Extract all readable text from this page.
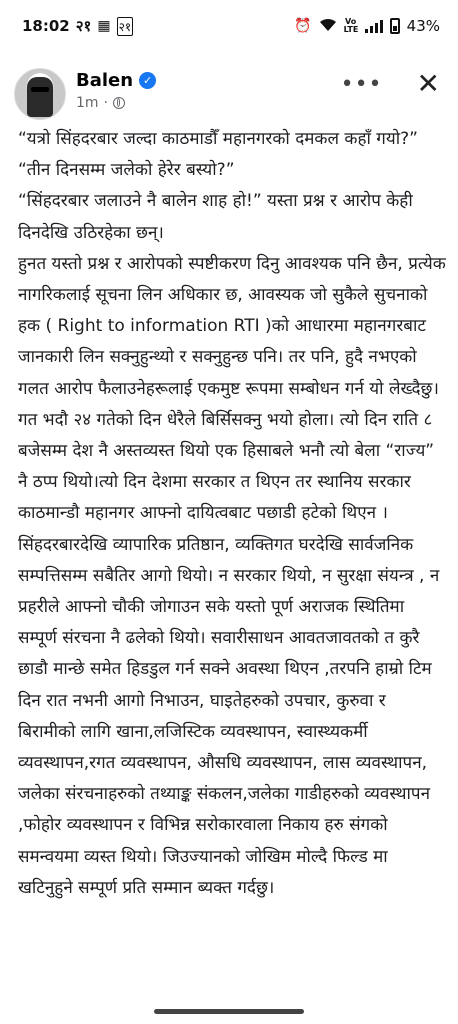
18:02 २१ ▦ २१	⏰	Vo LTE	43%
Balen ✓
1m ·
••• ✕

“यत्रो सिंहदरबार जल्दा काठमाडौँ महानगरको दमकल कहाँ गयो?” “तीन दिनसम्म जलेको हेरेर बस्यो?”

“सिंहदरबार जलाउने नै बालेन शाह हो!” यस्ता प्रश्न र आरोप केही दिनदेखि उठिरहेका छन्।

हुनत यस्तो प्रश्न र आरोपको स्पष्टीकरण दिनु आवश्यक पनि छैन, प्रत्येक नागरिकलाई सूचना लिन अधिकार छ, आवस्यक जो सुकैले सुचनाको हक ( Right to information RTI )को आधारमा महानगरबाट जानकारी लिन सक्नुहुन्थ्यो र सक्नुहुन्छ पनि। तर पनि, हुदै नभएको गलत आरोप फैलाउनेहरूलाई एकमुष्ट रूपमा सम्बोधन गर्न यो लेख्दैछु। गत भदौ २४ गतेको दिन धेरैले बिर्सिसक्नु भयो होला। त्यो दिन राति ८ बजेसम्म देश नै अस्तव्यस्त थियो एक हिसाबले भनौ त्यो बेला “राज्य” नै ठप्प थियो।त्यो दिन देशमा सरकार त थिएन तर स्थानिय सरकार काठमान्डौ महानगर आफ्नो दायित्वबाट पछाडी हटेको थिएन । सिंहदरबारदेखि व्यापारिक प्रतिष्ठान, व्यक्तिगत घरदेखि सार्वजनिक सम्पत्तिसम्म सबैतिर आगो थियो। न सरकार थियो, न सुरक्षा संयन्त्र , न प्रहरीले आफ्नो चौकी जोगाउन सके यस्तो पूर्ण अराजक स्थितिमा सम्पूर्ण संरचना नै ढलेको थियो। सवारीसाधन आवतजावतको त कुरै छाडौ मान्छे समेत हिडडुल गर्न सक्ने अवस्था थिएन ,तरपनि हाम्रो टिम दिन रात नभनी आगो निभाउन, घाइतेहरुको उपचार, कुरुवा र बिरामीको लागि खाना,लजिस्टिक व्यवस्थापन, स्वास्थ्यकर्मी व्यवस्थापन,रगत व्यवस्थापन, औसधि व्यवस्थापन, लास व्यवस्थापन, जलेका संरचनाहरुको तथ्याङ्क संकलन,जलेका गाडीहरुको व्यवस्थापन ,फोहोर व्यवस्थापन र विभिन्न सरोकारवाला निकाय हरु संगको समन्वयमा व्यस्त थियो। जिउज्यानको जोखिम मोल्दै फिल्ड मा खटिनुहुने सम्पूर्ण प्रति सम्मान ब्यक्त गर्दछु।
